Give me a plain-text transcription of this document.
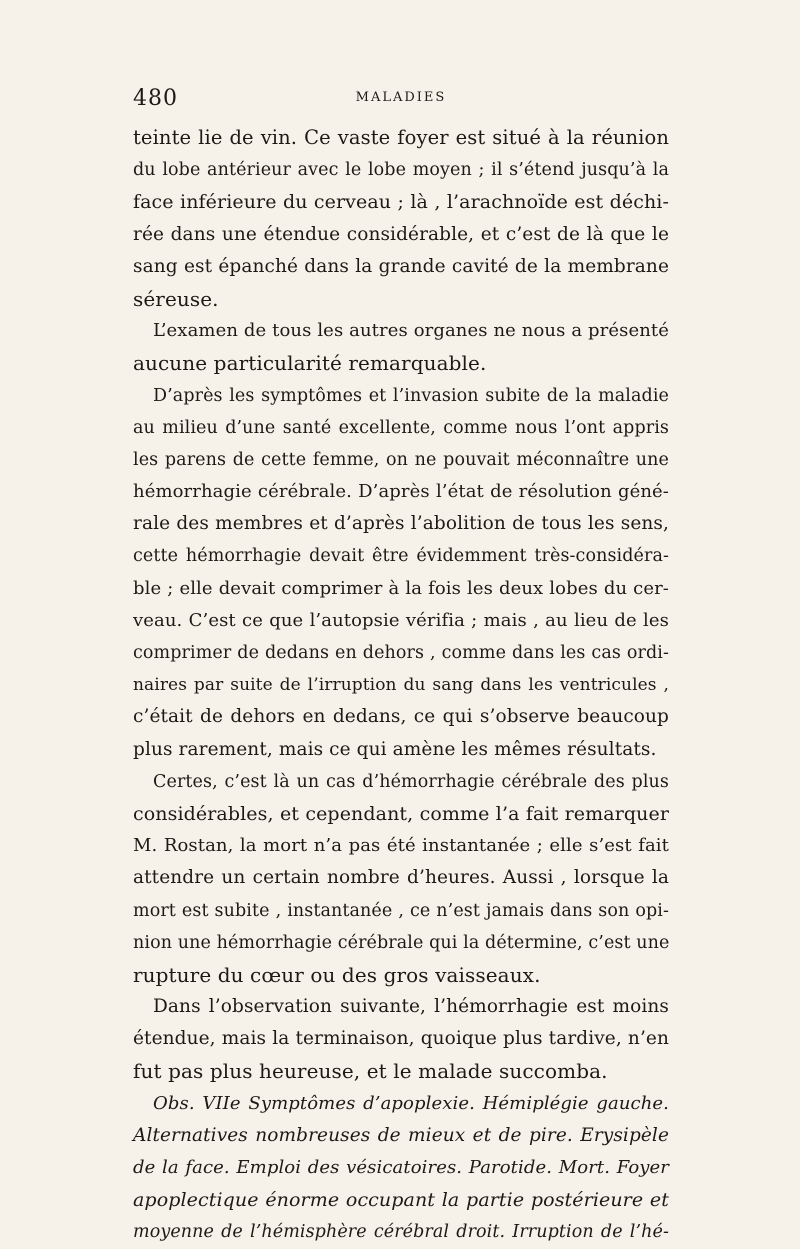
480	MALADIES
teinte lie de vin. Ce vaste foyer est situé à la réunion
du lobe antérieur avec le lobe moyen ; il s’étend jusqu’à la
face inférieure du cerveau ; là , l’arachnoïde est déchi-
rée dans une étendue considérable, et c’est de là que le
sang est épanché dans la grande cavité de la membrane
séreuse.
L’examen de tous les autres organes ne nous a présenté
aucune particularité remarquable.
D’après les symptômes et l’invasion subite de la maladie
au milieu d’une santé excellente, comme nous l’ont appris
les parens de cette femme, on ne pouvait méconnaître une
hémorrhagie cérébrale. D’après l’état de résolution géné-
rale des membres et d’après l’abolition de tous les sens,
cette hémorrhagie devait être évidemment très-considéra-
ble ; elle devait comprimer à la fois les deux lobes du cer-
veau. C’est ce que l’autopsie vérifia ; mais , au lieu de les
comprimer de dedans en dehors , comme dans les cas ordi-
naires par suite de l’irruption du sang dans les ventricules ,
c’était de dehors en dedans, ce qui s’observe beaucoup
plus rarement, mais ce qui amène les mêmes résultats.
Certes, c’est là un cas d’hémorrhagie cérébrale des plus
considérables, et cependant, comme l’a fait remarquer
M. Rostan, la mort n’a pas été instantanée ; elle s’est fait
attendre un certain nombre d’heures. Aussi , lorsque la
mort est subite , instantanée , ce n’est jamais dans son opi-
nion une hémorrhagie cérébrale qui la détermine, c’est une
rupture du cœur ou des gros vaisseaux.
Dans l’observation suivante, l’hémorrhagie est moins
étendue, mais la terminaison, quoique plus tardive, n’en
fut pas plus heureuse, et le malade succomba.
Obs. VIIe Symptômes d’apoplexie. Hémiplégie gauche.
Alternatives nombreuses de mieux et de pire. Erysipèle
de la face. Emploi des vésicatoires. Parotide. Mort. Foyer
apoplectique énorme occupant la partie postérieure et
moyenne de l’hémisphère cérébral droit. Irruption de l’hé-
